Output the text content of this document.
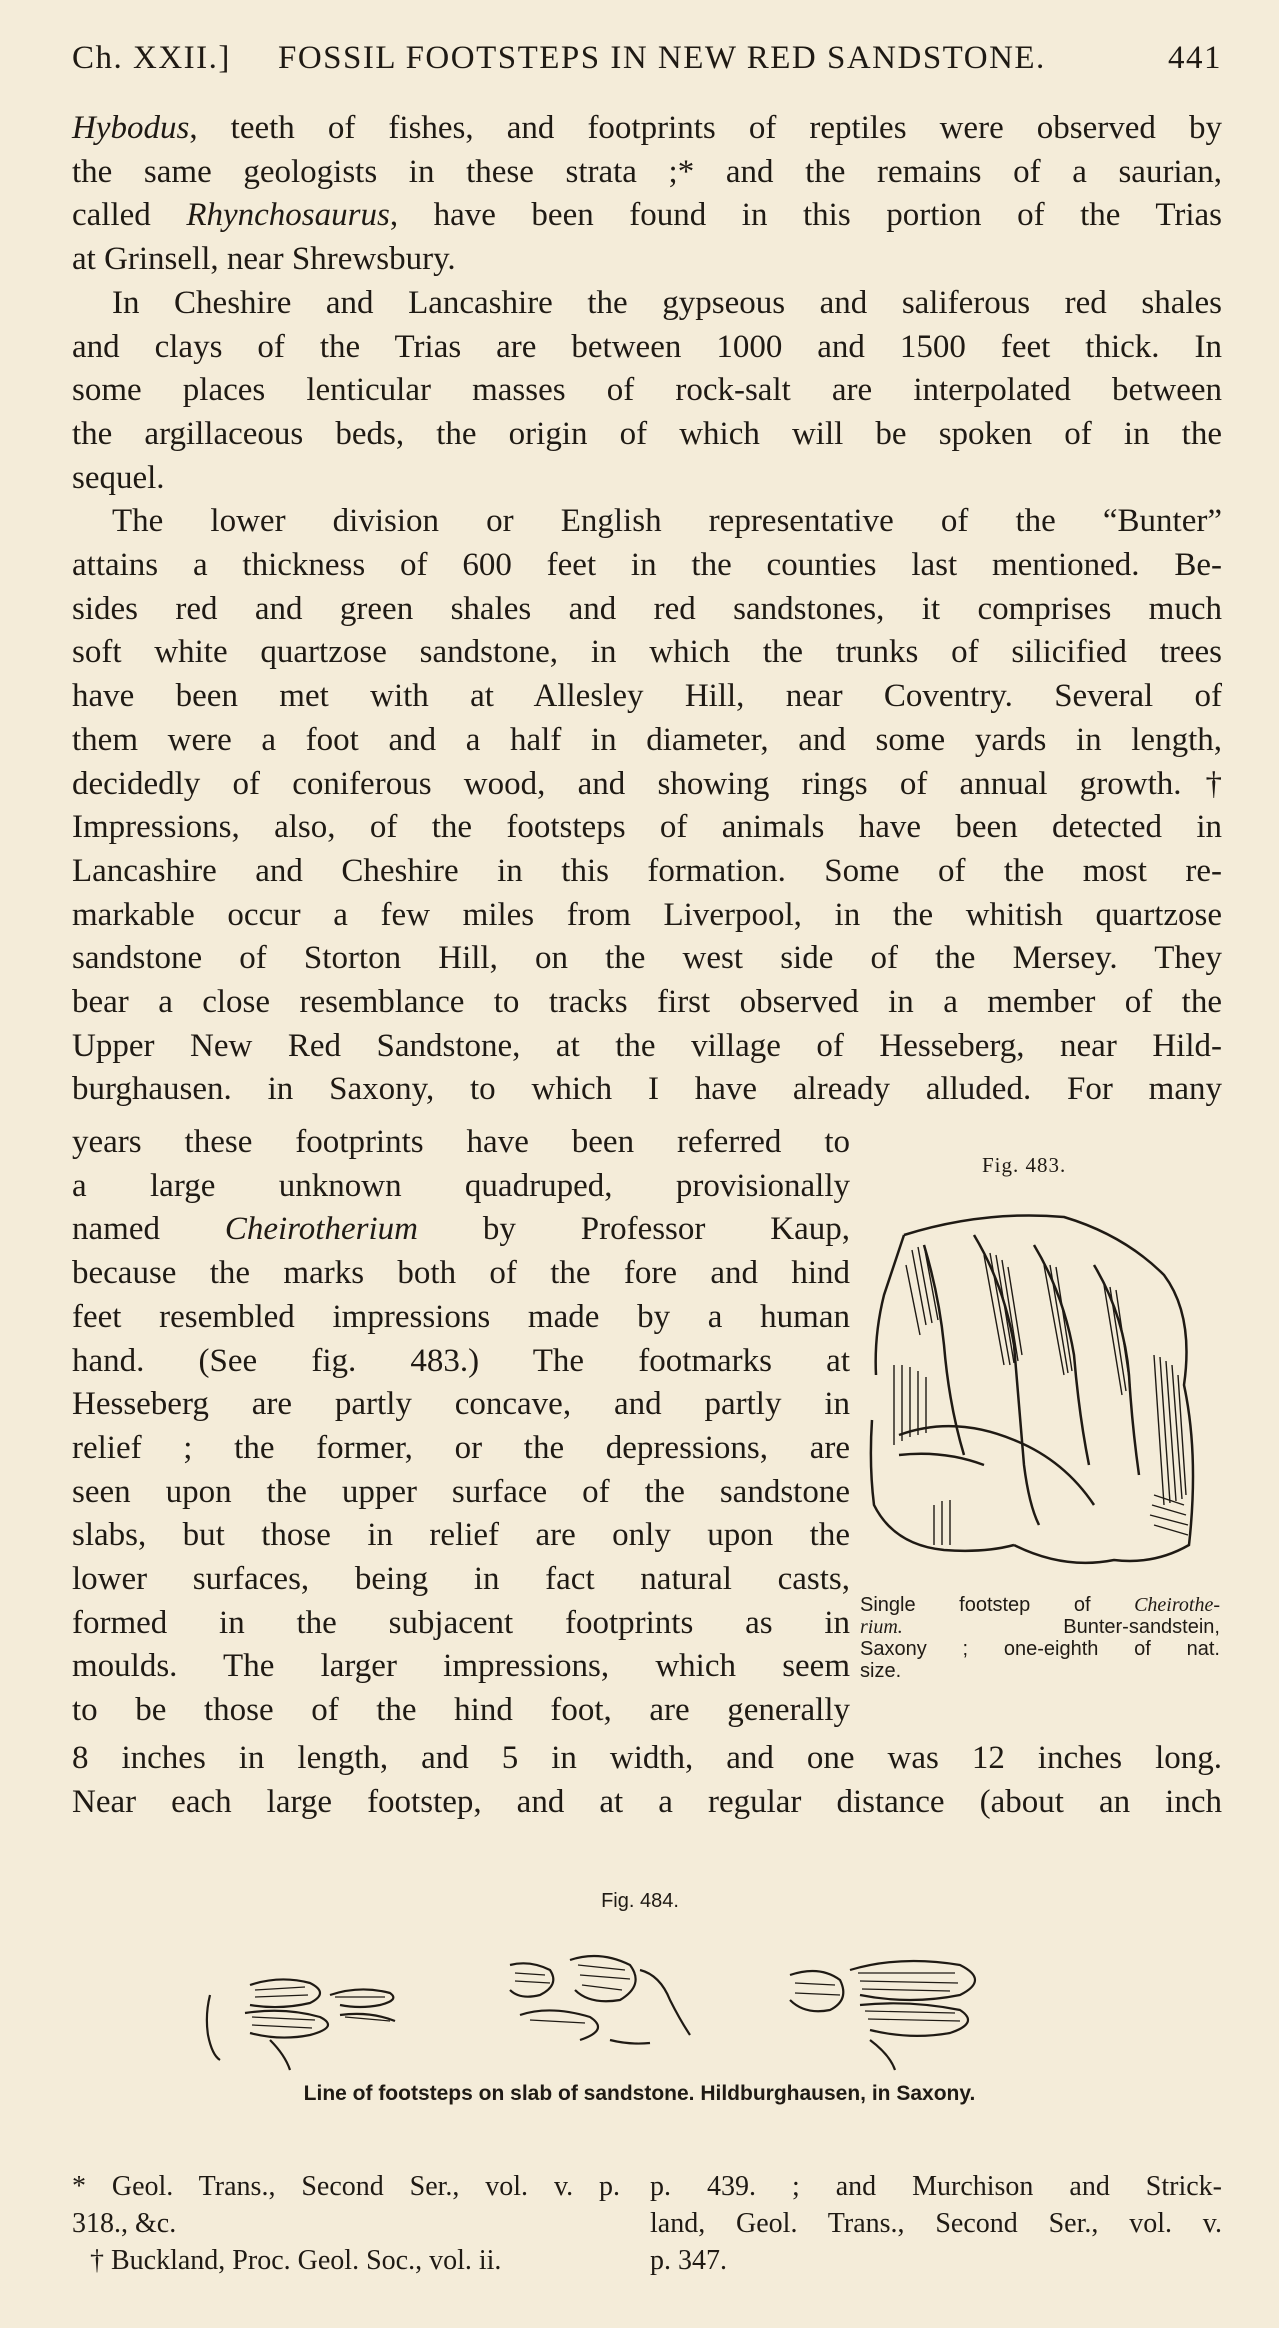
Ch. XXII.] FOSSIL FOOTSTEPS IN NEW RED SANDSTONE.	441

Hybodus, teeth of fishes, and footprints of reptiles were observed by
the same geologists in these strata ;* and the remains of a saurian,
called Rhynchosaurus, have been found in this portion of the Trias
at Grinsell, near Shrewsbury.

In Cheshire and Lancashire the gypseous and saliferous red shales
and clays of the Trias are between 1000 and 1500 feet thick. In
some places lenticular masses of rock-salt are interpolated between
the argillaceous beds, the origin of which will be spoken of in the
sequel.

The lower division or English representative of the “Bunter”
attains a thickness of 600 feet in the counties last mentioned. Be-
sides red and green shales and red sandstones, it comprises much
soft white quartzose sandstone, in which the trunks of silicified trees
have been met with at Allesley Hill, near Coventry. Several of
them were a foot and a half in diameter, and some yards in length,
decidedly of coniferous wood, and showing rings of annual growth.†
Impressions, also, of the footsteps of animals have been detected in
Lancashire and Cheshire in this formation. Some of the most re-
markable occur a few miles from Liverpool, in the whitish quartzose
sandstone of Storton Hill, on the west side of the Mersey. They
bear a close resemblance to tracks first observed in a member of the
Upper New Red Sandstone, at the village of Hesseberg, near Hild-
burghausen. in Saxony, to which I have already alluded. For many

years these footprints have been referred to
a large unknown quadruped, provisionally
named Cheirotherium by Professor Kaup,
because the marks both of the fore and hind
feet resembled impressions made by a human
hand. (See fig. 483.) The footmarks at
Hesseberg are partly concave, and partly in
relief ; the former, or the depressions, are
seen upon the upper surface of the sandstone
slabs, but those in relief are only upon the
lower surfaces, being in fact natural casts,
formed in the subjacent footprints as in
moulds. The larger impressions, which seem
to be those of the hind foot, are generally
Fig. 483.
Single footstep of Cheirothe-
rium. Bunter-sandstein,
Saxony ; one-eighth of nat.
size.
8 inches in length, and 5 in width, and one was 12 inches long.
Near each large footstep, and at a regular distance (about an inch
Fig. 484.
Line of footsteps on slab of sandstone. Hildburghausen, in Saxony.
* Geol. Trans., Second Ser., vol. v. p.
318., &c.
† Buckland, Proc. Geol. Soc., vol. ii.
p. 439. ; and Murchison and Strick-
land, Geol. Trans., Second Ser., vol. v.
p. 347.
